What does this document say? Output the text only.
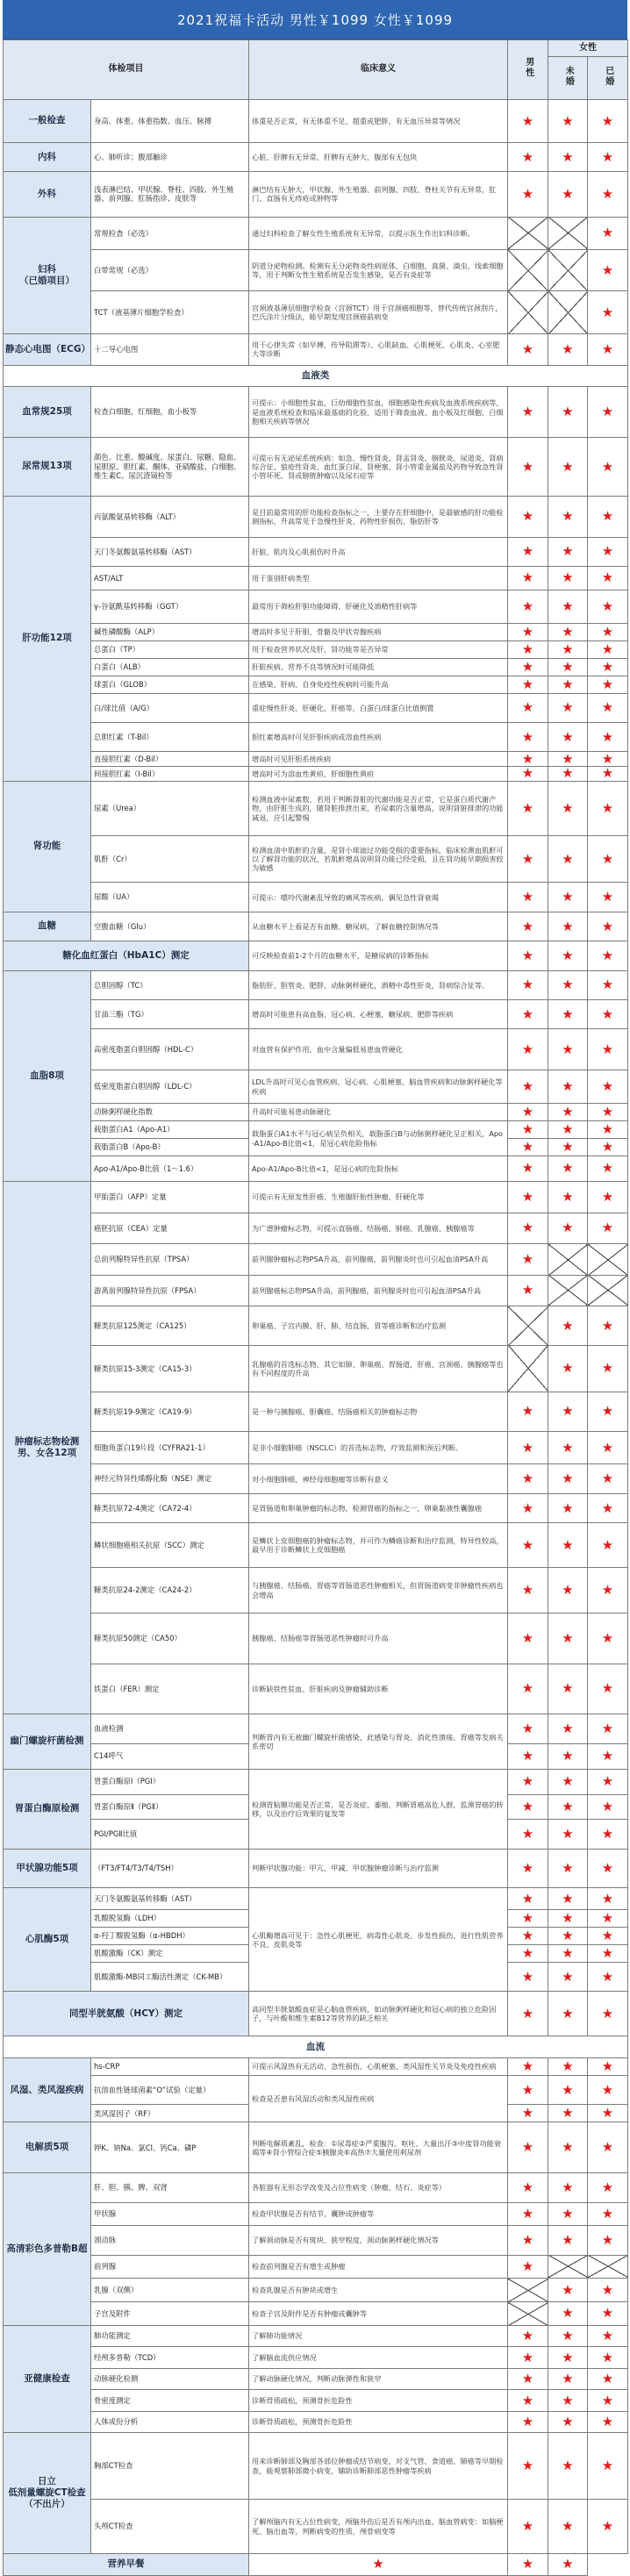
2021祝福卡活动 男性￥1099 女性￥1099
体检项目		临床意义	男性	女性	
				未婚	已婚
一般检查	身高、体重、体重指数、血压、脉搏	体重是否正常，有无体重不足、超重或肥胖，有无血压异常等情况	★	★	★
内科	心、肺听诊；腹部触诊	心脏、肝脾有无异常、肝脾有无肿大、腹部有无包块	★	★	★
外科	浅表淋巴结、甲状腺、脊柱、四肢、外生殖器、前列腺、肛肠指诊、皮肤等	淋巴结有无肿大，甲状腺、外生殖器、前列腺、四肢、脊柱关节有无异常，肛门、直肠有无痔疮或肿物等	★	★	★
妇科
（已婚项目）	常规检查（必选）	通过妇科检查了解女性生殖系统有无异常，以提示医生作出妇科诊断。			★
	白带常规（必选）	阴道分泌物检测。检测有无分泌物炎性病原体，白细胞、真菌、滴虫、线索细胞等，用于判断女性生殖系统是否发生感染，是否有炎症等			★
	TCT（液基薄片细胞学检查）	宫颈液基薄层细胞学检查（宫颈TCT）用于宫颈癌细胞等，替代传统宫颈刮片，巴氏涂片分级法，能早期发现宫颈癌前病变			★
静态心电图（ECG）	十二导心电图	用于心律失常（如早搏、传导阻滞等）、心肌缺血、心肌梗死、心肌炎、心室肥大等诊断	★	★	★
血液类					
血常规25项	检查白细胞，红细胞，血小板等	可提示：小细胞性贫血，巨幼细胞性贫血，细胞感染性疾病及血液系统疾病等，是血液系统检查和临床最基础的化验，适用于筛查血液、血小板及红细胞、白细胞相关疾病等情况	★	★	★
尿常规13项	颜色、比重、酸碱度、尿蛋白、尿糖、隐血、尿胆原、胆红素、酮体、亚硝酸盐、白细胞、维生素C、尿沉渣镜检等	可提示有无泌尿系统疾病：如急、慢性肾炎、肾盂肾炎、膀胱炎、尿道炎、肾病综合征、狼疮性肾炎、血红蛋白尿、肾梗塞、肾小管重金属盐及药物导致急性肾小管坏死、肾或膀胱肿瘤以及尿石症等	★	★	★
肝功能12项	丙氨酸氨基转移酶（ALT）	是目前最常用的肝功能检查指标之一，主要存在肝细胞中，是最敏感的肝功能检测指标，升高常见于急慢性肝炎、药物性肝损伤、脂肪肝等	★	★	★
	天门冬氨酸氨基转移酶（AST）	肝脏、肌肉及心肌损伤时升高	★	★	★
	AST/ALT	用于鉴别肝病类型	★	★	★
	γ-谷氨酰基转移酶（GGT）	最常用于筛检肝胆功能障碍、肝硬化及酒精性肝病等	★	★	★
	碱性磷酸酶（ALP）	增高时多见于肝胆、骨骼及甲状旁腺疾病	★	★	★
	总蛋白（TP）	用于检查营养状况及肝、肾功能等是否异常	★	★	★
	白蛋白（ALB）	肝脏疾病、营养不良等情况时可能降低	★	★	★
	球蛋白（GLOB）	在感染、肝病、自身免疫性疾病时可能升高	★	★	★
	白/球比值（A/G）	重症慢性肝炎、肝硬化、肝癌等，白蛋白/球蛋白比值倒置	★	★	★
	总胆红素（T-Bil）	胆红素增高时可见肝胆疾病或溶血性疾病	★	★	★
	直接胆红素（D-Bil）	增高时可见肝胆系统疾病	★	★	★
	间接胆红素（I-Bil）	增高时可为溶血性黄疸、肝细胞性黄疸	★	★	★
肾功能	尿素（Urea）	检测血液中尿素数，若用于判断肾脏的代谢功能是否正常，它是蛋白质代谢产物，由肝脏生成的，随肾脏排泄出来，若尿素的含量增高，说明肾脏排泄的功能减退，应引起警惕	★	★	★
	肌酐（Cr）	检测血清中肌酐的含量，是肾小球滤过功能受损的重要指标，临床检测血肌酐可以了解肾功能的状况，若肌酐增高说明肾功能已经受损，且在肾功能早期损害较为敏感	★	★	★
	尿酸（UA）	可提示：嘌呤代谢紊乱导致的痛风等疾病，偶见急性肾衰竭	★	★	★
血糖	空腹血糖（Glu）	从血糖水平上看是否有血糖、糖尿病，了解血糖控制情况等	★	★	★
糖化血红蛋白（HbA1C）测定		可反映检查前1-2个月的血糖水平，是糖尿病的诊断指标	★	★	★
血脂8项	总胆固醇（TC）	脂肪肝、胆管炎、肥胖、动脉粥样硬化，酒精中毒性肝炎，肾病综合征等。	★	★	★
	甘油三酯（TG）	增高时可能患有高血脂、冠心病、心梗塞，糖尿病、肥胖等疾病	★	★	★
	高密度脂蛋白胆固醇（HDL-C）	对血管有保护作用，血中含量偏低易患血管硬化	★	★	★
	低密度脂蛋白胆固醇（LDL-C）	LDL升高时可见心血管疾病、冠心病、心肌梗塞、脑血管疾病和动脉粥样硬化等疾病	★	★	★
	动脉粥样硬化指数	升高时可能易患动脉硬化	★	★	★
	载脂蛋白A1（Apo-A1）	载脂蛋白A1水平与冠心病呈负相关，载脂蛋白B与动脉粥样硬化呈正相关，Apo-A1/Apo-B比值<1，是冠心病危险指标	★	★	★
	载脂蛋白B（Apo-B）		★	★	★
	Apo-A1/Apo-B比值（1～1.6）	Apo-A1/Apo-B比值<1，是冠心病的危险指标	★	★	★
肿瘤标志物检测
男、女各12项	甲胎蛋白（AFP）定量	可提示有无原发性肝癌、生殖腺肝胎性肿瘤、肝硬化等	★	★	★
	癌胚抗原（CEA）定量	为广谱肿瘤标志物，可提示直肠癌、结肠癌、肺癌、乳腺癌、胰腺癌等	★	★	★
	总前列腺特异性抗原（TPSA）	前列腺肿瘤标志物PSA升高，前列腺癌，前列腺炎时也可引起血清PSA升高	★		
	游离前列腺特异性抗原（FPSA）	前列腺癌标志物PSA升高，前列腺癌，前列腺炎时也可引起血清PSA升高	★		
	糖类抗原125测定（CA125）	卵巢癌、子宫内膜、肝、肺、结直肠，胃等癌诊断和治疗监测		★	★
	糖类抗原15-3测定（CA15-3）	乳腺癌的首选标志物，其它如肺、卵巢癌、胃肠道，肝癌、宫颈癌、胰腺癌等也有不同程度的升高		★	★
	糖类抗原19-9测定（CA19-9）	是一种与胰腺癌、胆囊癌、结肠癌相关的肿瘤标志物	★	★	★
	细胞角蛋白19片段（CYFRA21-1）	是非小细胞肺癌（NSCLC）的首选标志物，疗效监测和预后判断。	★	★	★
	神经元特异性烯醇化酶（NSE）测定	对小细胞肺癌，神经母细胞瘤等诊断有意义	★	★	★
	糖类抗原72-4测定（CA72-4）	是胃肠道和卵巢肿瘤的标志物，检测胃癌的指标之一，卵巢黏液性囊腺癌	★	★	★
	鳞状细胞癌相关抗原（SCC）测定	是鳞状上皮细胞癌的肿瘤标志物，并可作为鳞癌诊断和治疗监测，特异性较高，最早用于诊断鳞状上皮细胞癌	★	★	★
	糖类抗原24-2测定（CA24-2）	与胰腺癌、结肠癌、胃癌等胃肠道恶性肿瘤相关，但胃肠道病变非肿瘤性疾病也会增高	★	★	★
	糖类抗原50测定（CA50）	胰腺癌、结肠癌等胃肠道恶性肿瘤时可升高	★	★	★
	铁蛋白（FER）测定	诊断缺铁性贫血、肝脏疾病及肿瘤辅助诊断	★	★	★
幽门螺旋杆菌检测	血液检测	判断胃内有无被幽门螺旋杆菌感染，此感染与胃炎、消化性溃疡、胃癌等发病关系密切	★	★	★
	C14呼气		★	★	★
胃蛋白酶原检测	胃蛋白酶原Ⅰ（PGⅠ）	检测胃粘膜功能是否正常，是否炎症、萎缩，判断胃癌高危人群，监测胃癌的转移，以及治疗后效果的复发等	★	★	★
	胃蛋白酶原Ⅱ（PGⅡ）		★	★	★
	PGⅠ/PGⅡ比值		★	★	★
甲状腺功能5项	（FT3/FT4/T3/T4/TSH）	判断甲状腺功能：甲亢、甲减、甲状腺肿瘤诊断与治疗监测	★	★	★
心肌酶5项	天门冬氨酸氨基转移酶（AST）	心肌酶增高可见于：急性心肌梗死、病毒性心肌炎、步发性损伤、进行性肌营养不良、皮肌炎等	★	★	★
	乳酸脱氢酶（LDH）		★	★	★
	α-羟丁酸脱氢酶（α-HBDH）		★	★	★
	肌酸激酶（CK）测定		★	★	★
	肌酸激酶-MB同工酶活性测定（CK-MB）		★	★	★
同型半胱氨酸（HCY）测定		高同型半胱氨酸血症是心脑血管疾病，如动脉粥样硬化和冠心病的独立危险因子，与叶酸和维生素B12等营养的缺乏相关	★	★	★
血流					
风湿、类风湿疾病	hs-CRP	可提示风湿热有无活动、急性损伤、心肌梗塞、类风湿性关节炎及免疫性疾病	★	★	★
	抗溶血性链球菌素“O”试验（定量）	检查是否患有风湿活动和类风湿性疾病	★	★	★
	类风湿因子（RF）		★	★	★
电解质5项	钾K、钠Na、氯Cl、钙Ca、磷P	判断电解质紊乱，检查：①尿毒症②严重腹泻、呕吐、大量出汗③中度肾功能衰竭等④肾小管综合症⑤胰腺炎⑥高热⑦大量使用利尿剂	★	★	★
高清彩色多普勒B超	肝、胆、胰、脾、双肾	各脏器有无形态学改变及占位性病变（肿瘤、结石、炎症等）	★	★	★
	甲状腺	检查甲状腺是否有结节，囊肿或肿瘤等	★	★	★
	颈动脉	了解颈动脉是否有斑块、狭窄程度，颈动脉粥样硬化情况等	★	★	★
	前列腺	检查前列腺是否有增生或肿瘤	★		
	乳腺（双侧）	检查乳腺是否有肿块或增生		★	★
	子宫及附件	检查子宫及附件是否有肿瘤或囊肿等		★	★
亚健康检查	肺功能测定	了解肺功能情况	★	★	★
	经颅多普勒（TCD）	了解脑血流供应情况	★	★	★
	动脉硬化检测	了解动脉硬化情况，判断动脉弹性和狭窄	★	★	★
	骨密度测定	诊断骨质疏松，预测骨折危险性	★	★	★
	人体成份分析	诊断骨质疏松，预测骨折危险性	★	★	★
日立
低剂量螺旋CT检查
（不出片）	胸部CT检查	用来诊断肺部及胸部各部位肿瘤或结节病变，对支气管、食道癌、肺癌等早期检查，能观察肺部微小病变，辅助诊断肺部恶性肿瘤等疾病	★	★	★
	头颅CT检查	了解颅脑内有无占位性病变，颅脑外伤后是否有颅内出血，脑血管病变：如脑梗死、脑出血等，判断病变的性质，颅骨病变等	★	★	★
营养早餐		★	★	★	
